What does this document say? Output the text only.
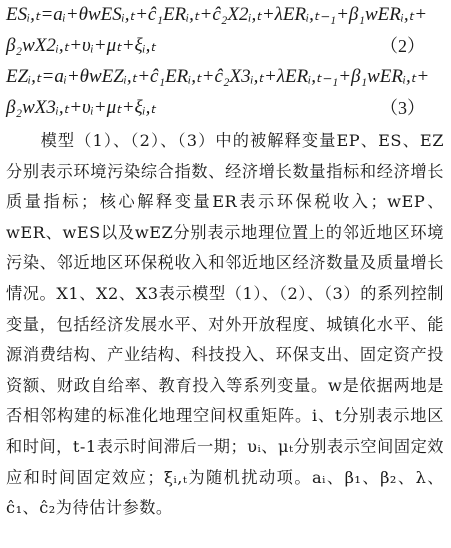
ESᵢ,ₜ=aᵢ+θwESᵢ,ₜ+ĉ₁ERᵢ,ₜ+ĉ₂X2ᵢ,ₜ+λERᵢ,ₜ₋₁+β₁wERᵢ,ₜ+
β₂wX2ᵢ,ₜ+υᵢ+μₜ+ξᵢ,ₜ	（2）
EZᵢ,ₜ=aᵢ+θwEZᵢ,ₜ+ĉ₁ERᵢ,ₜ+ĉ₂X3ᵢ,ₜ+λERᵢ,ₜ₋₁+β₁wERᵢ,ₜ+
β₂wX3ᵢ,ₜ+υᵢ+μₜ+ξᵢ,ₜ	（3）
模型（1）、（2）、（3）中的被解释变量EP、ES、EZ分别表示环境污染综合指数、经济增长数量指标和经济增长质量指标；核心解释变量ER表示环保税收入；wEP、wER、wES以及wEZ分别表示地理位置上的邻近地区环境污染、邻近地区环保税收入和邻近地区经济数量及质量增长情况。X1、X2、X3表示模型（1）、（2）、（3）的系列控制变量，包括经济发展水平、对外开放程度、城镇化水平、能源消费结构、产业结构、科技投入、环保支出、固定资产投资额、财政自给率、教育投入等系列变量。w是依据两地是否相邻构建的标准化地理空间权重矩阵。i、t分别表示地区和时间，t-1表示时间滞后一期；υᵢ、μₜ分别表示空间固定效应和时间固定效应；ξᵢ,ₜ为随机扰动项。aᵢ、β₁、β₂、λ、ĉ₁、ĉ₂为待估计参数。
